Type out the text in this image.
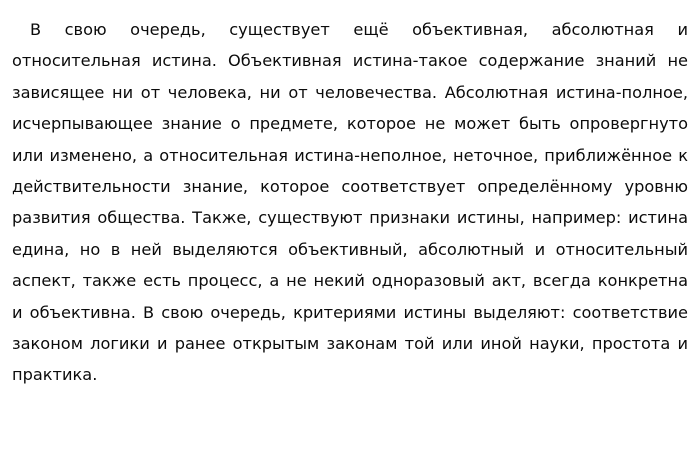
В свою очередь, существует ещё объективная, абсолютная и относительная истина. Объективная истина-такое содержание знаний не зависящее ни от человека, ни от человечества. Абсолютная истина-полное, исчерпывающее знание о предмете, которое не может быть опровергнуто или изменено, а относительная истина-неполное, неточное, приближённое к действительности знание, которое соответствует определённому уровню развития общества. Также, существуют признаки истины, например: истина едина, но в ней выделяются объективный, абсолютный и относительный аспект, также есть процесс, а не некий одноразовый акт, всегда конкретна и объективна. В свою очередь, критериями истины выделяют: соответствие законом логики и ранее открытым законам той или иной науки, простота и практика.
